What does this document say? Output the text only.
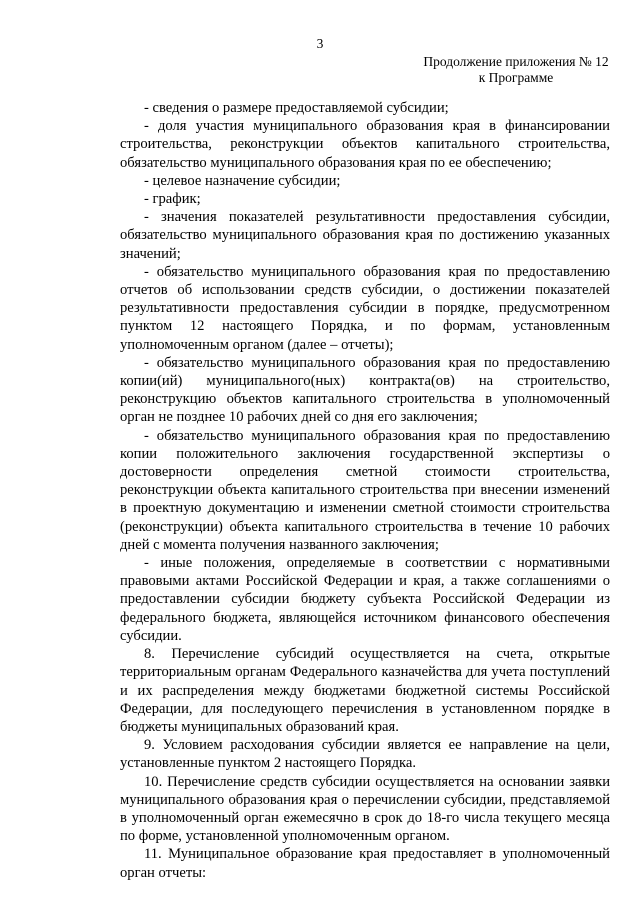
3
Продолжение приложения № 12
к Программе

- сведения о размере предоставляемой субсидии;

- доля участия муниципального образования края в финансировании строительства, реконструкции объектов капитального строительства, обязательство муниципального образования края по ее обеспечению;

- целевое назначение субсидии;

- график;

- значения показателей результативности предоставления субсидии, обязательство муниципального образования края по достижению указанных значений;

- обязательство муниципального образования края по предоставлению отчетов об использовании средств субсидии, о достижении показателей результативности предоставления субсидии в порядке, предусмотренном пунктом 12 настоящего Порядка, и по формам, установленным уполномоченным органом (далее – отчеты);

- обязательство муниципального образования края по предоставлению копии(ий) муниципального(ных) контракта(ов) на строительство, реконструкцию объектов капитального строительства в уполномоченный орган не позднее 10 рабочих дней со дня его заключения;

- обязательство муниципального образования края по предоставлению копии положительного заключения государственной экспертизы о достоверности определения сметной стоимости строительства, реконструкции объекта капитального строительства при внесении изменений в проектную документацию и изменении сметной стоимости строительства (реконструкции) объекта капитального строительства в течение 10 рабочих дней с момента получения названного заключения;

- иные положения, определяемые в соответствии с нормативными правовыми актами Российской Федерации и края, а также соглашениями о предоставлении субсидии бюджету субъекта Российской Федерации из федерального бюджета, являющейся источником финансового обеспечения субсидии.

8. Перечисление субсидий осуществляется на счета, открытые территориальным органам Федерального казначейства для учета поступлений и их распределения между бюджетами бюджетной системы Российской Федерации, для последующего перечисления в установленном порядке в бюджеты муниципальных образований края.

9. Условием расходования субсидии является ее направление на цели, установленные пунктом 2 настоящего Порядка.

10. Перечисление средств субсидии осуществляется на основании заявки муниципального образования края о перечислении субсидии, представляемой в уполномоченный орган ежемесячно в срок до 18-го числа текущего месяца по форме, установленной уполномоченным органом.

11. Муниципальное образование края предоставляет в уполномоченный орган отчеты:
